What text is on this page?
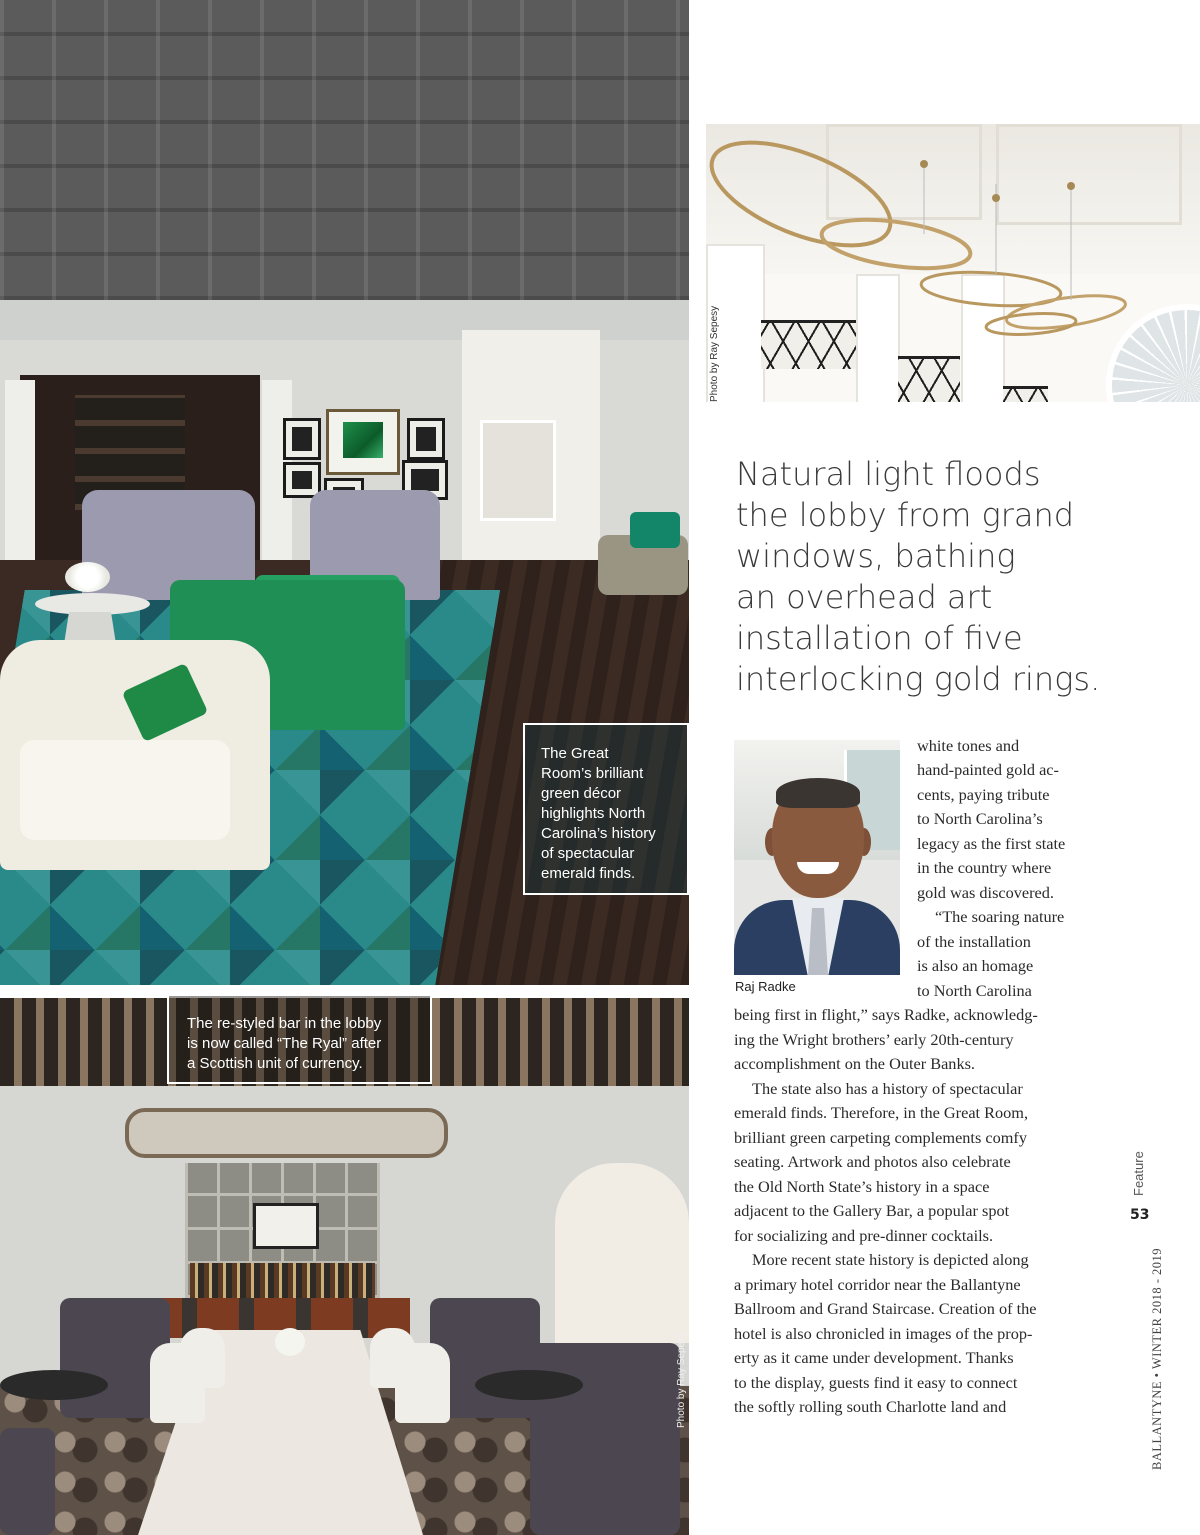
The Great
Room’s brilliant
green décor
highlights North
Carolina’s history
of spectacular
emerald finds.
Photo by Ray Sepesy
Natural light floods
the lobby from grand
windows, bathing
an overhead art
installation of five
interlocking gold rings.

Raj Radke

white tones and
hand-painted gold ac-
cents, paying tribute
to North Carolina’s
legacy as the first state
in the country where
gold was discovered.
“The soaring nature
of the installation
is also an homage
to North Carolina
being first in flight,” says Radke, acknowledg-
ing the Wright brothers’ early 20th-century
accomplishment on the Outer Banks.
The state also has a history of spectacular
emerald finds. Therefore, in the Great Room,
brilliant green carpeting complements comfy
seating. Artwork and photos also celebrate
the Old North State’s history in a space
adjacent to the Gallery Bar, a popular spot
for socializing and pre-dinner cocktails.
More recent state history is depicted along
a primary hotel corridor near the Ballantyne
Ballroom and Grand Staircase. Creation of the
hotel is also chronicled in images of the prop-
erty as it came under development. Thanks
to the display, guests find it easy to connect
the softly rolling south Charlotte land and
The re-styled bar in the lobby
is now called “The Ryal” after
a Scottish unit of currency.
Photo by Ray Sepesy	BALLANTYNE • WINTER 2018 - 2019
Feature

53
